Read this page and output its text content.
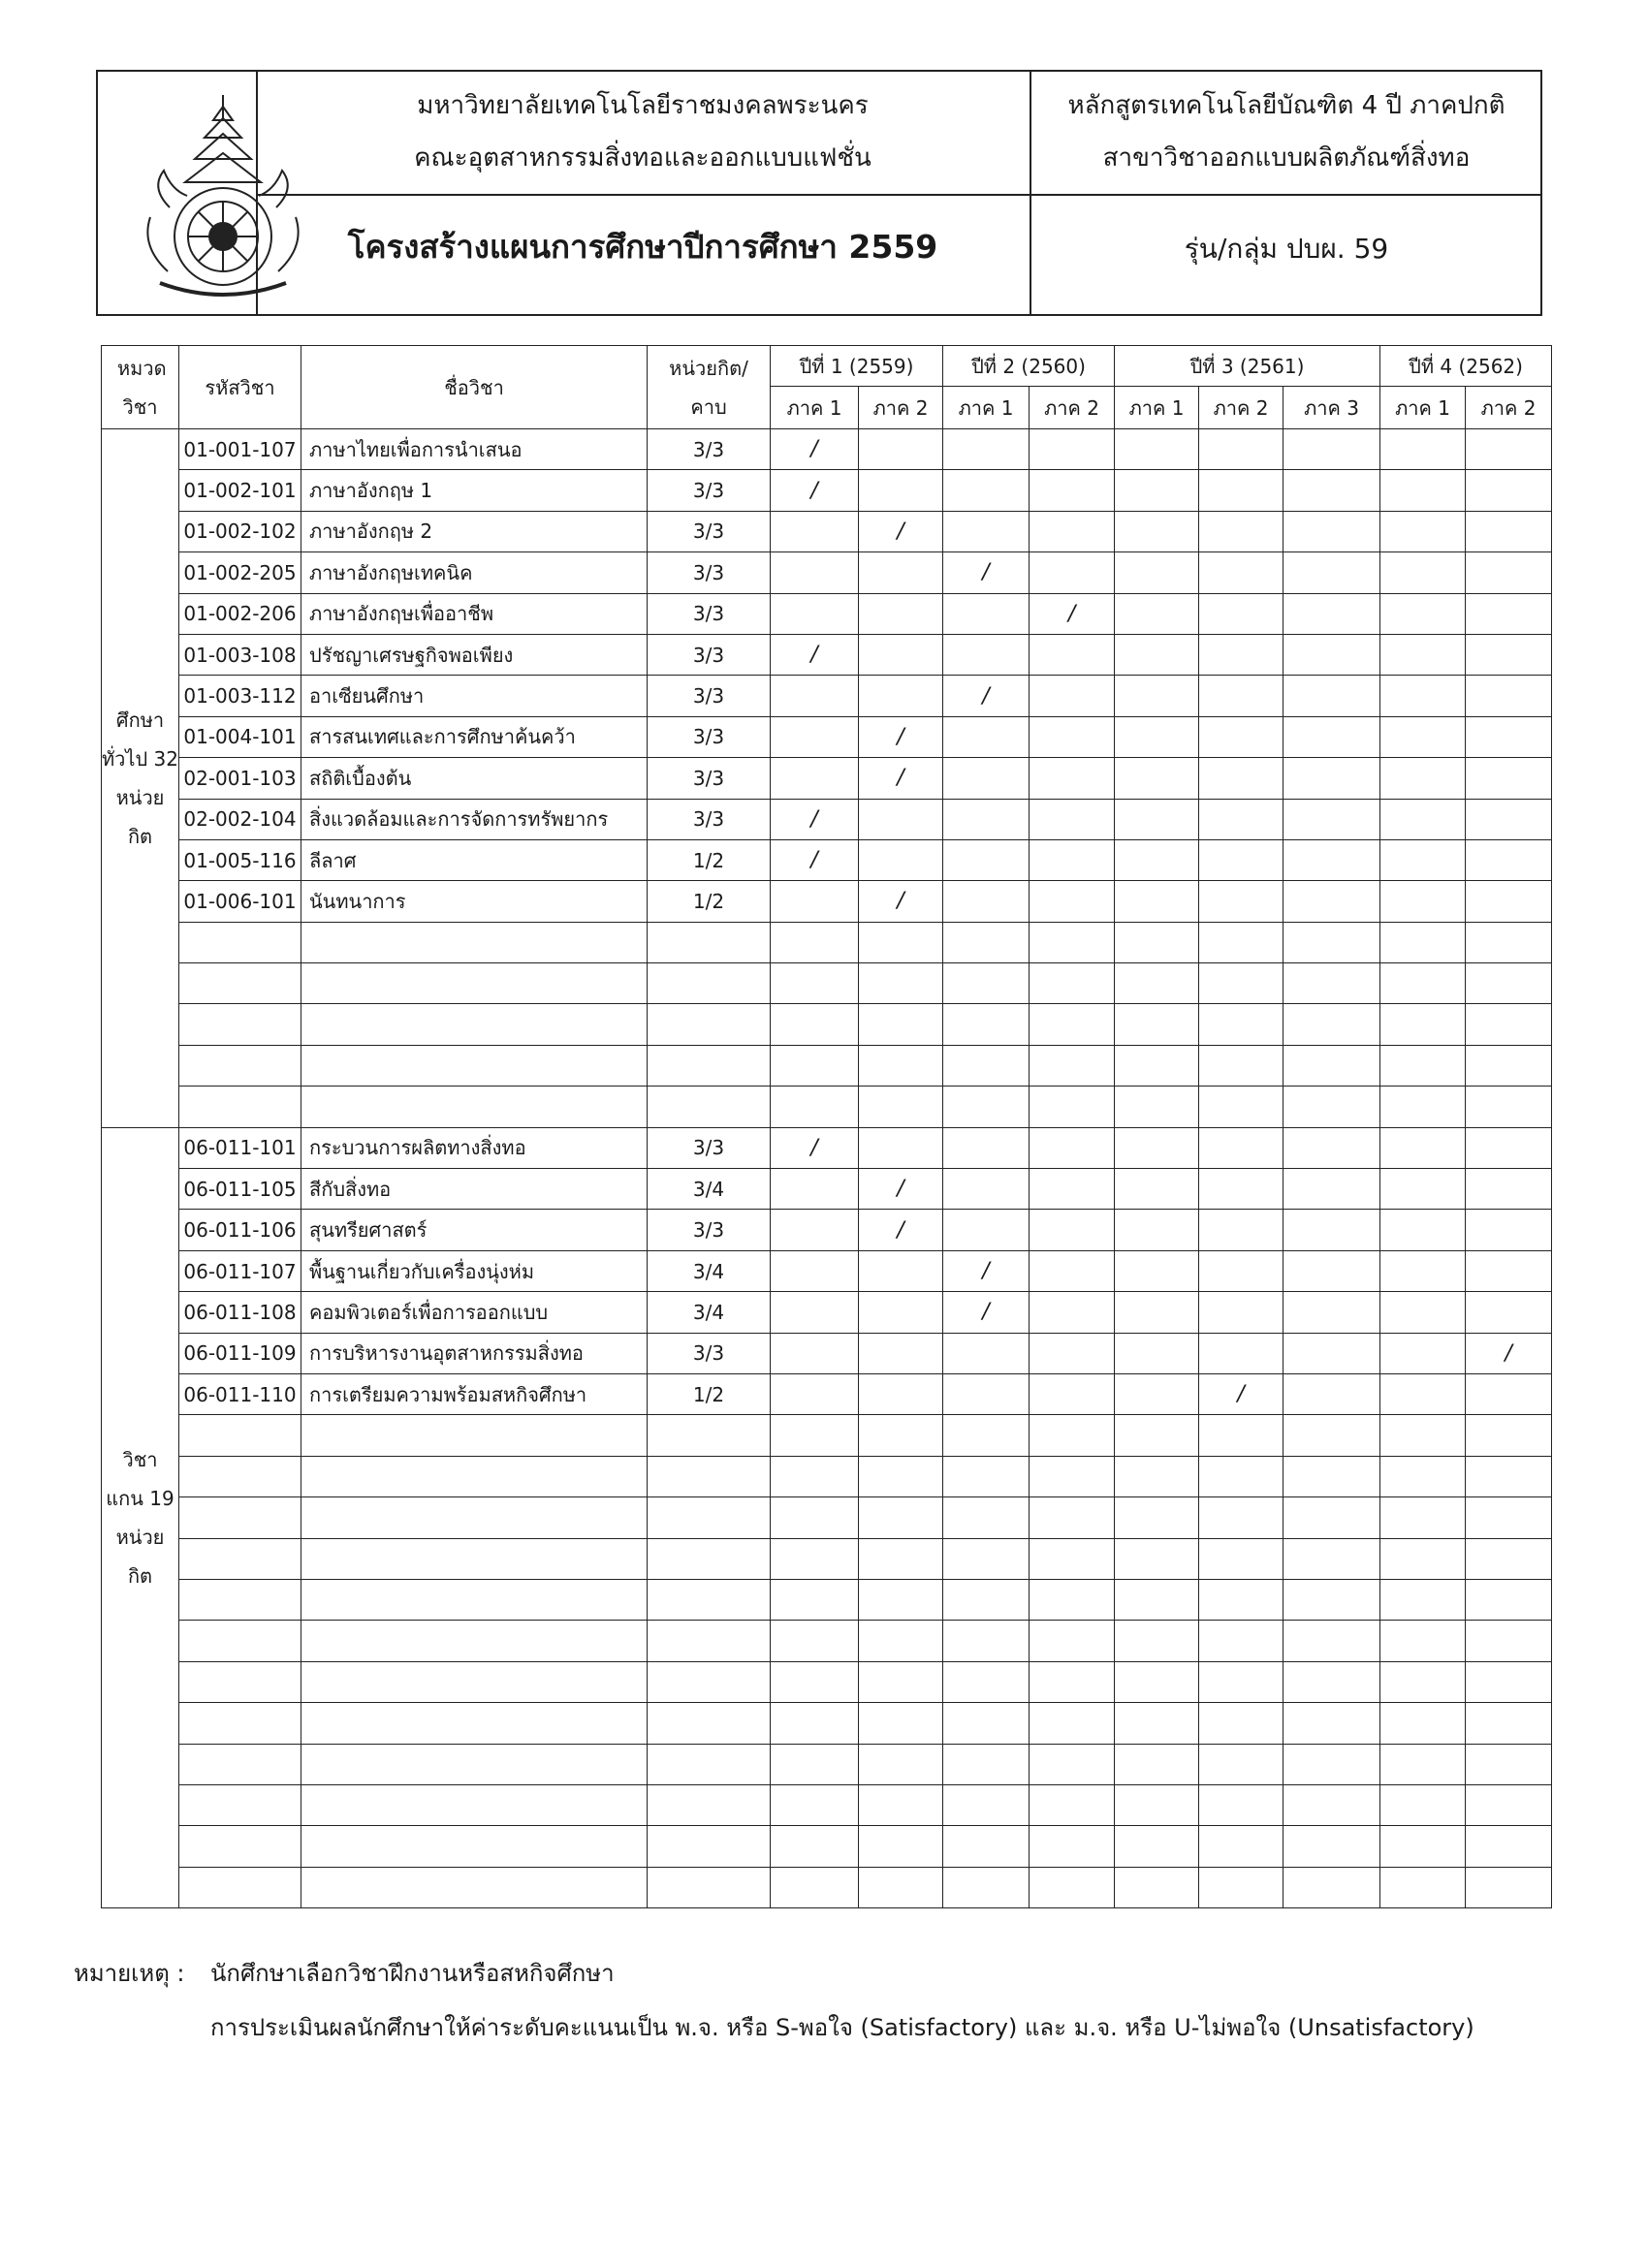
มหาวิทยาลัยเทคโนโลยีราชมงคลพระนคร
คณะอุตสาหกรรมสิ่งทอและออกแบบแฟชั่น
หลักสูตรเทคโนโลยีบัณฑิต 4 ปี ภาคปกติ
สาขาวิชาออกแบบผลิตภัณฑ์สิ่งทอ
โครงสร้างแผนการศึกษาปีการศึกษา 2559	รุ่น/กลุ่ม ปบผ. 59
หมวดวิชา	รหัสวิชา	ชื่อวิชา	หน่วยกิต/คาบ	ปีที่ 1 (2559)		ปีที่ 2 (2560)		ปีที่ 3 (2561)			ปีที่ 4 (2562)	
				ภาค 1	ภาค 2	ภาค 1	ภาค 2	ภาค 1	ภาค 2	ภาค 3	ภาค 1	ภาค 2
ศึกษา ทั่วไป 32 หน่วย กิต	01-001-107	ภาษาไทยเพื่อการนำเสนอ	3/3	/								
	01-002-101	ภาษาอังกฤษ 1	3/3	/								
	01-002-102	ภาษาอังกฤษ 2	3/3		/							
	01-002-205	ภาษาอังกฤษเทคนิค	3/3			/						
	01-002-206	ภาษาอังกฤษเพื่ออาชีพ	3/3				/					
	01-003-108	ปรัชญาเศรษฐกิจพอเพียง	3/3	/								
	01-003-112	อาเซียนศึกษา	3/3			/						
	01-004-101	สารสนเทศและการศึกษาค้นคว้า	3/3		/							
	02-001-103	สถิติเบื้องต้น	3/3		/							
	02-002-104	สิ่งแวดล้อมและการจัดการทรัพยากร	3/3	/								
	01-005-116	ลีลาศ	1/2	/								
	01-006-101	นันทนาการ	1/2		/							

วิชา แกน 19 หน่วย กิต	06-011-101	กระบวนการผลิตทางสิ่งทอ	3/3	/								
	06-011-105	สีกับสิ่งทอ	3/4		/							
	06-011-106	สุนทรียศาสตร์	3/3		/							
	06-011-107	พื้นฐานเกี่ยวกับเครื่องนุ่งห่ม	3/4			/						
	06-011-108	คอมพิวเตอร์เพื่อการออกแบบ	3/4			/						
	06-011-109	การบริหารงานอุตสาหกรรมสิ่งทอ	3/3									/
	06-011-110	การเตรียมความพร้อมสหกิจศึกษา	1/2						/			

หมายเหตุ : นักศึกษาเลือกวิชาฝึกงานหรือสหกิจศึกษา
การประเมินผลนักศึกษาให้ค่าระดับคะแนนเป็น พ.จ. หรือ S-พอใจ (Satisfactory) และ ม.จ. หรือ U-ไม่พอใจ (Unsatisfactory)
